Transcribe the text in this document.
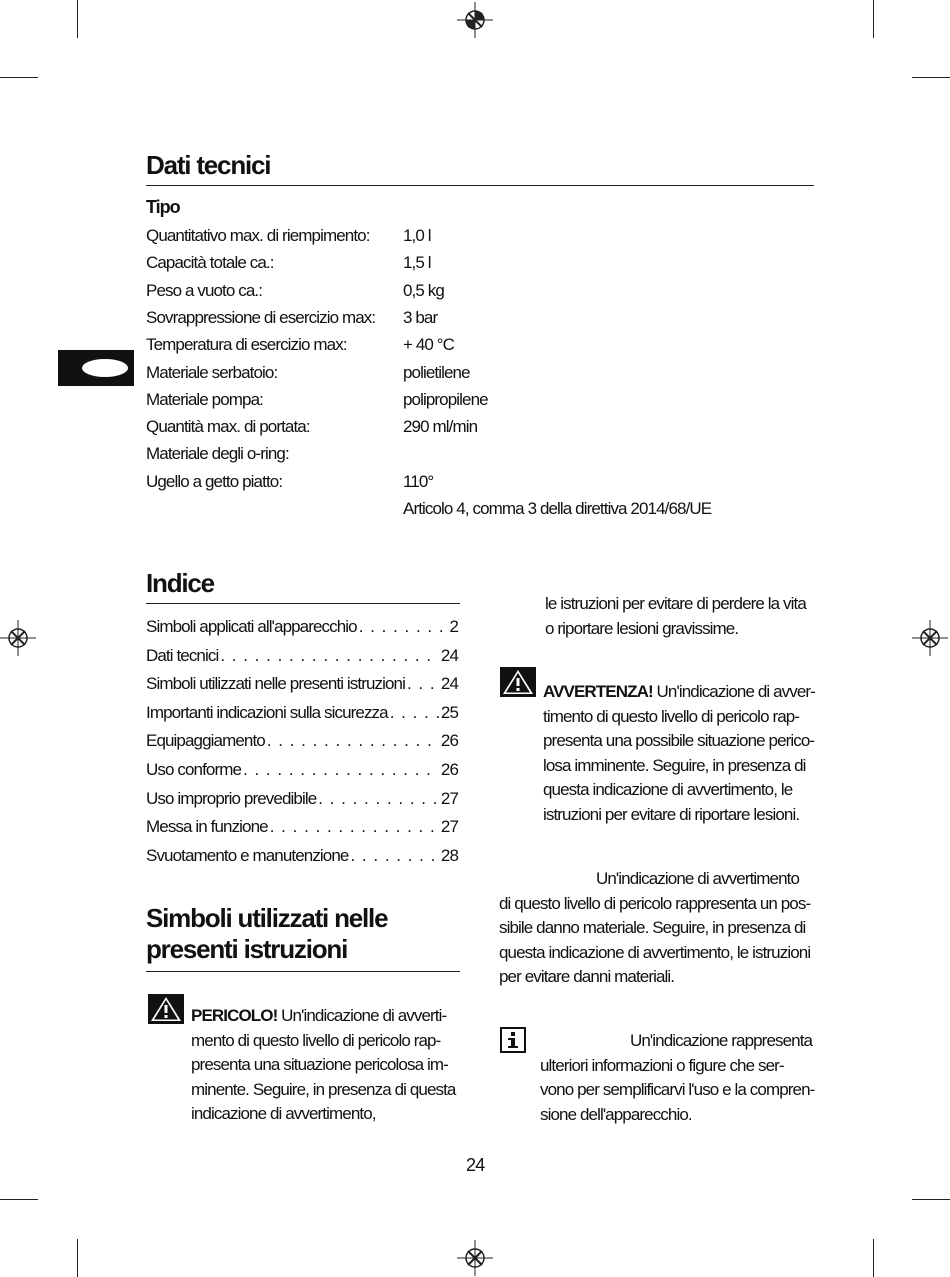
Dati tecnici
Tipo
Quantitativo max. di riempimento: 1,0 l
Capacità totale ca.:	1,5 l
Peso a vuoto ca.:	0,5 kg
Sovrappressione di esercizio max: 3 bar
Temperatura di esercizio max:	+ 40 °C
Materiale serbatoio:	polietilene
Materiale pompa:	polipropilene
Quantità max. di portata:	290 ml/min
Materiale degli o-ring:
Ugello a getto piatto:	110°
Articolo 4, comma 3 della direttiva 2014/68/UE
Indice
Simboli applicati all'apparecchio . . .	2
Dati tecnici . . .	24
Simboli utilizzati nelle presenti istruzioni . . . 24
Importanti indicazioni sulla sicurezza . . .	25
Equipaggiamento . . .	26
Uso conforme . . .	26
Uso improprio prevedibile . . .	27
Messa in funzione . . .	27
Svuotamento e manutenzione . . .	28
Simboli utilizzati nelle
presenti istruzioni
PERICOLO! Un'indicazione di avverti-
mento di questo livello di pericolo rap-
presenta una situazione pericolosa im-
minente. Seguire, in presenza di questa
indicazione di avvertimento,
le istruzioni per evitare di perdere la vita
o riportare lesioni gravissime.
AVVERTENZA! Un'indicazione di avver-
timento di questo livello di pericolo rap-
presenta una possibile situazione perico-
losa imminente. Seguire, in presenza di
questa indicazione di avvertimento, le
istruzioni per evitare di riportare lesioni.
Un'indicazione di avvertimento
di questo livello di pericolo rappresenta un pos-
sibile danno materiale. Seguire, in presenza di
questa indicazione di avvertimento, le istruzioni
per evitare danni materiali.
Un'indicazione rappresenta
ulteriori informazioni o figure che ser-
vono per semplificarvi l'uso e la compren-
sione dell'apparecchio.
24
